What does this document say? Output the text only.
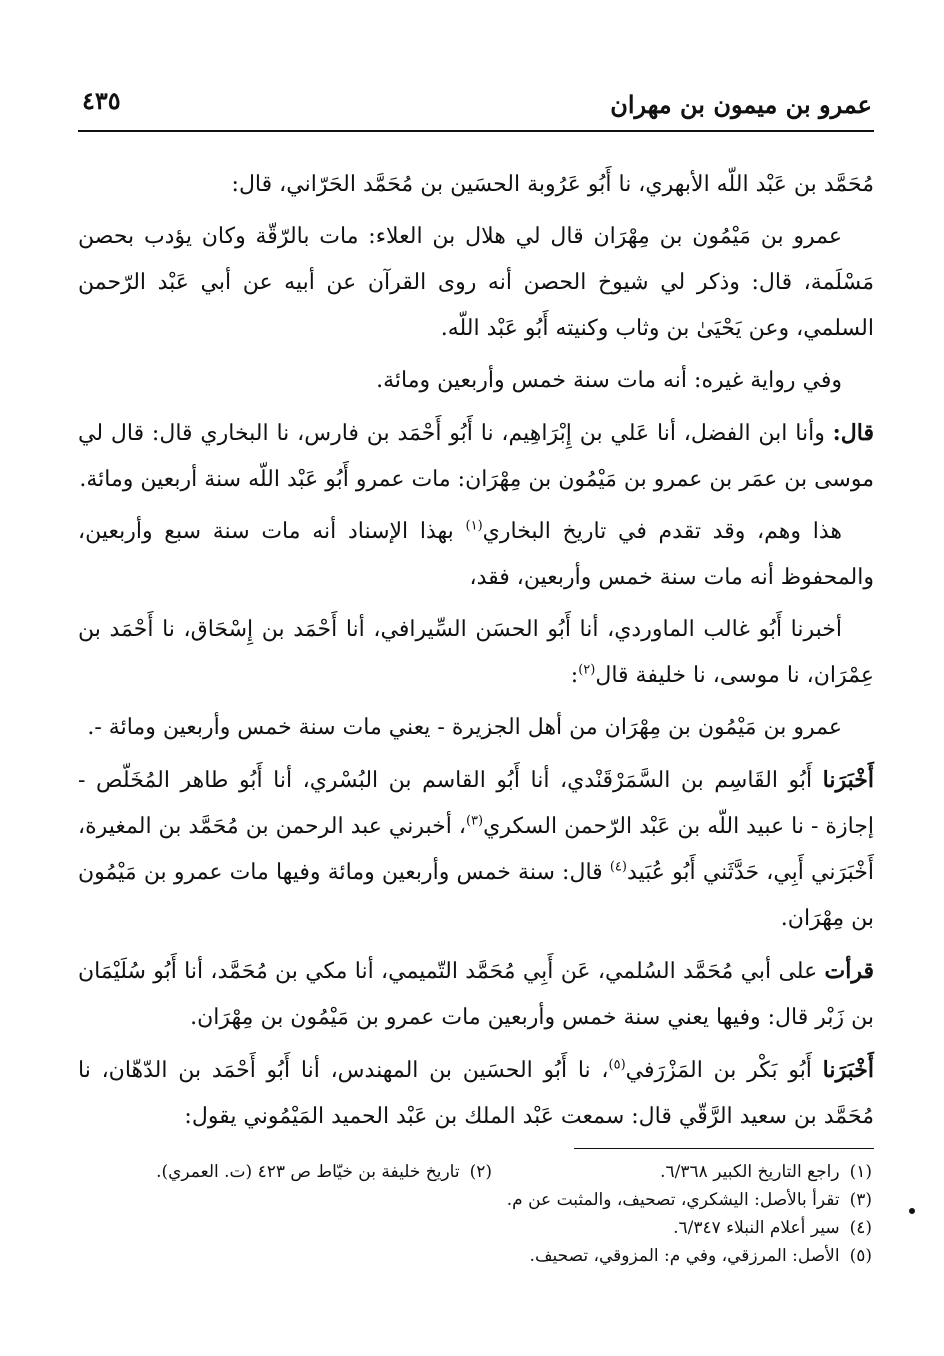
عمرو بن ميمون بن مهران
٤٣٥

مُحَمَّد بن عَبْد اللّه الأبهري، نا أَبُو عَرُوبة الحسَين بن مُحَمَّد الحَرّاني، قال:

عمرو بن مَيْمُون بن مِهْرَان قال لي هلال بن العلاء: مات بالرّقّة وكان يؤدب بحصن مَسْلَمة، قال: وذكر لي شيوخ الحصن أنه روى القرآن عن أبيه عن أبي عَبْد الرّحمن السلمي، وعن يَحْيَىٰ بن وثاب وكنيته أَبُو عَبْد اللّه.

وفي رواية غيره: أنه مات سنة خمس وأربعين ومائة.

قال: وأنا ابن الفضل، أنا عَلي بن إِبْرَاهِيم، نا أَبُو أَحْمَد بن فارس، نا البخاري قال: قال لي موسى بن عمَر بن عمرو بن مَيْمُون بن مِهْرَان: مات عمرو أَبُو عَبْد اللّه سنة أربعين ومائة.

هذا وهم، وقد تقدم في تاريخ البخاري$^{(١)}$ بهذا الإسناد أنه مات سنة سبع وأربعين، والمحفوظ أنه مات سنة خمس وأربعين، فقد،

أخبرنا أَبُو غالب الماوردي، أنا أَبُو الحسَن السِّيرافي، أنا أَحْمَد بن إِسْحَاق، نا أَحْمَد بن عِمْرَان، نا موسى، نا خليفة قال$^{(٢)}$:

عمرو بن مَيْمُون بن مِهْرَان من أهل الجزيرة - يعني مات سنة خمس وأربعين ومائة -.

أَخْبَرَنا أَبُو القَاسِم بن السَّمَرْقَنْدي، أنا أَبُو القاسم بن البُسْري، أنا أَبُو طاهر المُخَلّص - إجازة - نا عبيد اللّه بن عَبْد الرّحمن السكري$^{(٣)}$، أخبرني عبد الرحمن بن مُحَمَّد بن المغيرة، أَخْبَرَني أَبِي، حَدَّثَني أَبُو عُبَيد$^{(٤)}$ قال: سنة خمس وأربعين ومائة وفيها مات عمرو بن مَيْمُون بن مِهْرَان.

قرأت على أبي مُحَمَّد السُلمي، عَن أَبِي مُحَمَّد التّميمي، أنا مكي بن مُحَمَّد، أنا أَبُو سُلَيْمَان بن زَبْر قال: وفيها يعني سنة خمس وأربعين مات عمرو بن مَيْمُون بن مِهْرَان.

أَخْبَرَنا أَبُو بَكْر بن المَزْرَفي$^{(٥)}$، نا أَبُو الحسَين بن المهندس، أنا أَبُو أَحْمَد بن الدّهّان، نا مُحَمَّد بن سعيد الرَّقّي قال: سمعت عَبْد الملك بن عَبْد الحميد المَيْمُوني يقول:

(١)راجع التاريخ الكبير ٦/٣٦٨.
(٢)تاريخ خليفة بن خيّاط ص ٤٢٣ (ت. العمري).
(٣)تقرأ بالأصل: اليشكري، تصحيف، والمثبت عن م.
(٤)سير أعلام النبلاء ٦/٣٤٧.
(٥)الأصل: المرزقي، وفي م: المزوقي، تصحيف.
